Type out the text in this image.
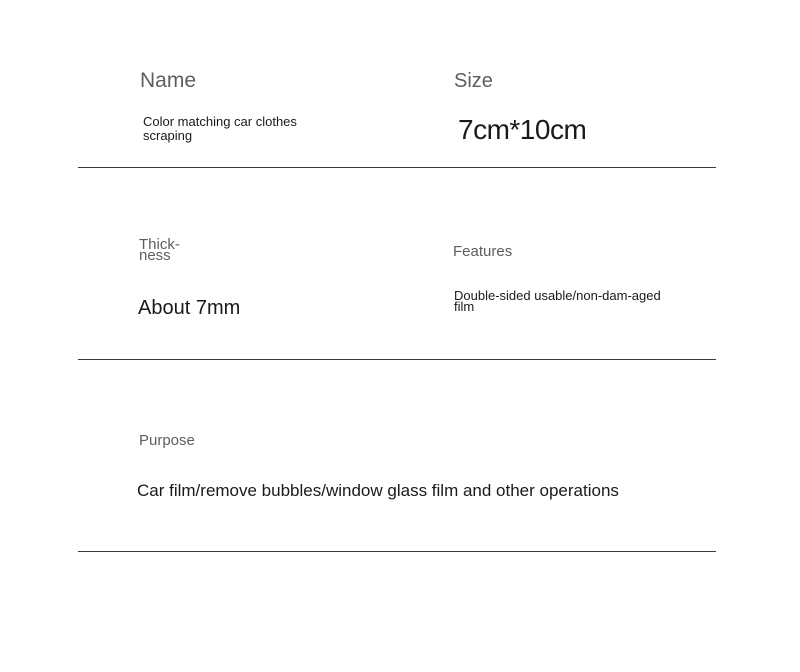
Name

Color matching car clothes scraping

Size

7cm*10cm

Thick-ness

About 7mm

Features

Double-sided usable/non-dam-aged film

Purpose

Car film/remove bubbles/window glass film and other operations
